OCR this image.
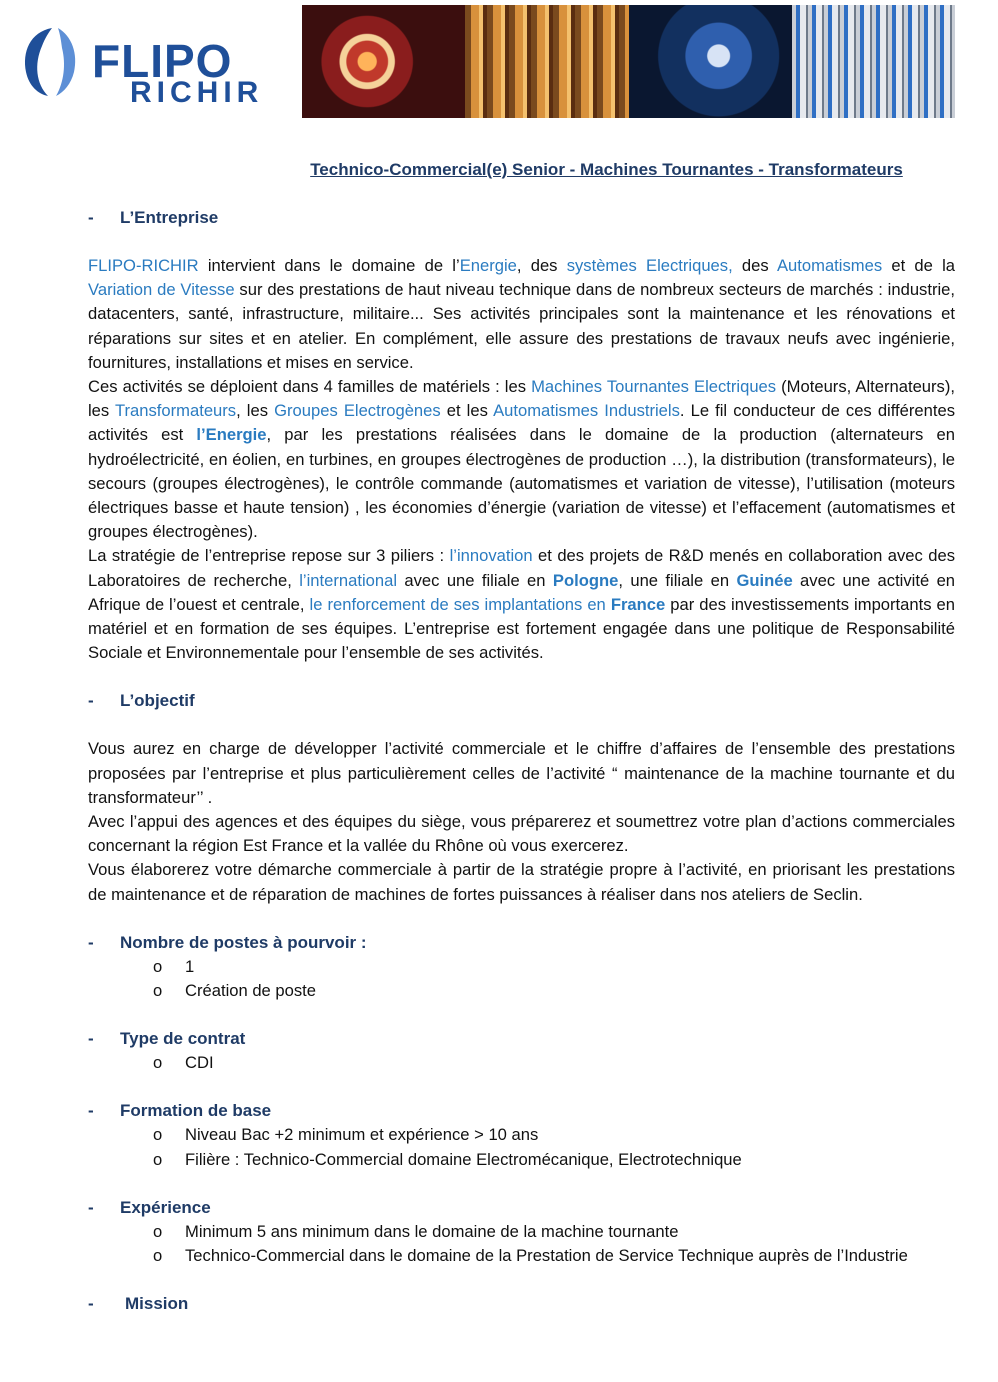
FLIPO
RICHIR
Technico-Commercial(e) Senior - Machines Tournantes - Transformateurs
-	L’Entreprise

FLIPO-RICHIR intervient dans le domaine de l’Energie, des systèmes Electriques, des Automatismes et de la Variation de Vitesse sur des prestations de haut niveau technique dans de nombreux secteurs de marchés : industrie, datacenters, santé, infrastructure, militaire... Ses activités principales sont la maintenance et les rénovations et réparations sur sites et en atelier. En complément, elle assure des prestations de travaux neufs avec ingénierie, fournitures, installations et mises en service.

Ces activités se déploient dans 4 familles de matériels : les Machines Tournantes Electriques (Moteurs, Alternateurs), les Transformateurs, les Groupes Electrogènes et les Automatismes Industriels. Le fil conducteur de ces différentes activités est l’Energie, par les prestations réalisées dans le domaine de la production (alternateurs en hydroélectricité, en éolien, en turbines, en groupes électrogènes de production …), la distribution (transformateurs), le secours (groupes électrogènes), le contrôle commande (automatismes et variation de vitesse), l’utilisation (moteurs électriques basse et haute tension) , les économies d’énergie (variation de vitesse) et l’effacement (automatismes et groupes électrogènes).

La stratégie de l’entreprise repose sur 3 piliers : l’innovation et des projets de R&D menés en collaboration avec des Laboratoires de recherche, l’international avec une filiale en Pologne, une filiale en Guinée avec une activité en Afrique de l’ouest et centrale, le renforcement de ses implantations en France par des investissements importants en matériel et en formation de ses équipes. L’entreprise est fortement engagée dans une politique de Responsabilité Sociale et Environnementale pour l’ensemble de ses activités.

-	L’objectif

Vous aurez en charge de développer l’activité commerciale et le chiffre d’affaires de l’ensemble des prestations proposées par l’entreprise et plus particulièrement celles de l’activité “ maintenance de la machine tournante et du transformateur’’ .

Avec l’appui des agences et des équipes du siège, vous préparerez et soumettrez votre plan d’actions commerciales concernant la région Est France et la vallée du Rhône où vous exercerez.

Vous élaborerez votre démarche commerciale à partir de la stratégie propre à l’activité, en priorisant les prestations de maintenance et de réparation de machines de fortes puissances à réaliser dans nos ateliers de Seclin.

-	Nombre de postes à pourvoir :
o	1
o	Création de poste
-	Type de contrat
o	CDI
-	Formation de base
o	Niveau Bac +2 minimum et expérience > 10 ans
o	Filière : Technico-Commercial domaine Electromécanique, Electrotechnique
-	Expérience
o	Minimum 5 ans minimum dans le domaine de la machine tournante
o	Technico-Commercial dans le domaine de la Prestation de Service Technique auprès de l’Industrie
-	Mission
